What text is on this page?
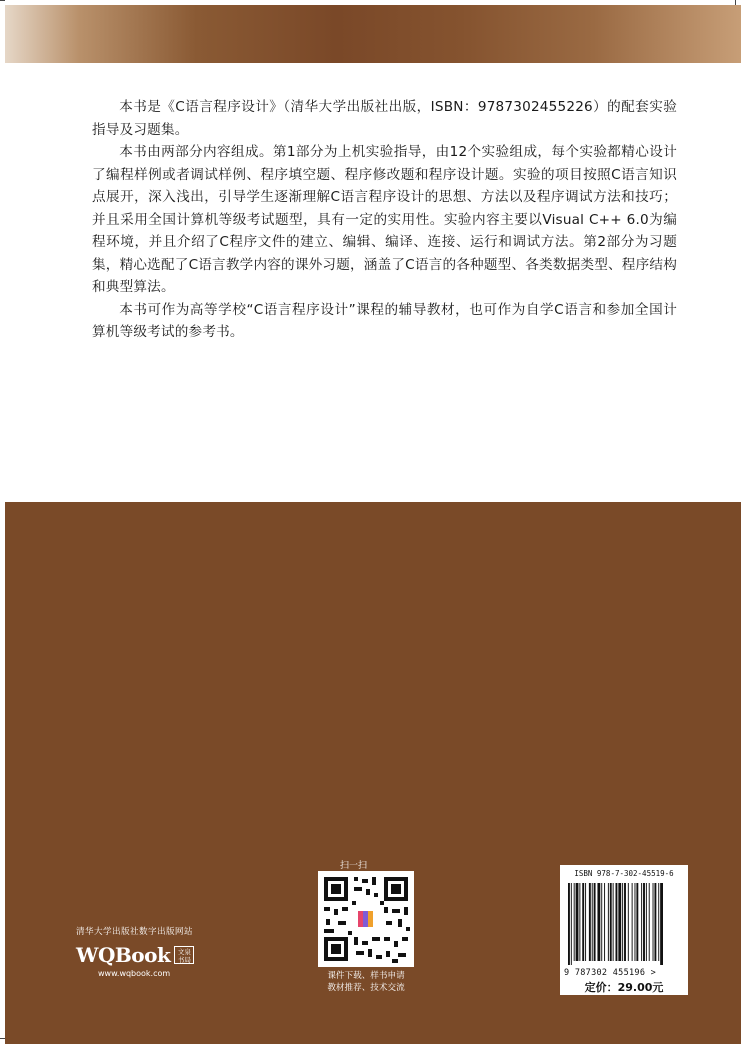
本书是《C语言程序设计》（清华大学出版社出版，ISBN：9787302455226）的配套实验指导及习题集。

本书由两部分内容组成。第1部分为上机实验指导，由12个实验组成，每个实验都精心设计了编程样例或者调试样例、程序填空题、程序修改题和程序设计题。实验的项目按照C语言知识点展开，深入浅出，引导学生逐渐理解C语言程序设计的思想、方法以及程序调试方法和技巧；并且采用全国计算机等级考试题型，具有一定的实用性。实验内容主要以Visual C++ 6.0为编程环境，并且介绍了C程序文件的建立、编辑、编译、连接、运行和调试方法。第2部分为习题集，精心选配了C语言教学内容的课外习题，涵盖了C语言的各种题型、各类数据类型、程序结构和典型算法。

本书可作为高等学校“C语言程序设计”课程的辅导教材，也可作为自学C语言和参加全国计算机等级考试的参考书。

清华大学出版社数字出版网站
WQBook	文泉书局
www.wqbook.com
扫一扫
课件下载、样书申请
教材推荐、技术交流
ISBN 978-7-302-45519-6
9 787302 455196 >
定价：29.00元
